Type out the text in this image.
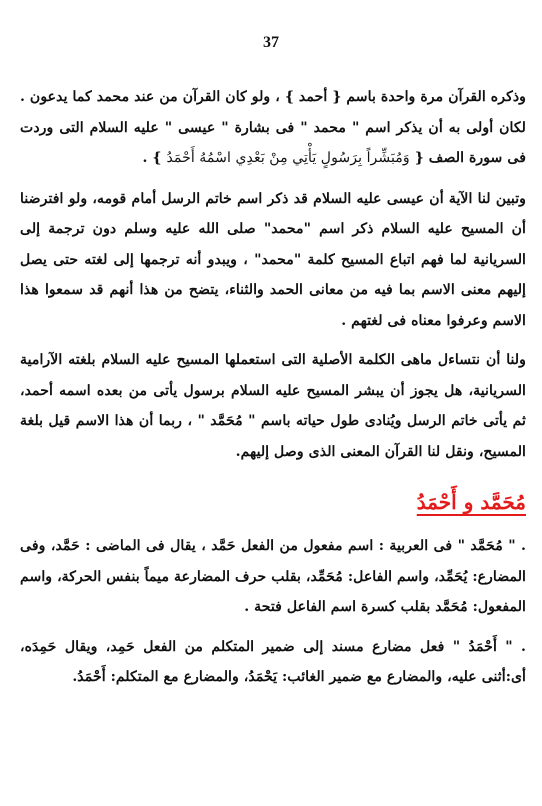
37

وذكره القرآن مرة واحدة باسم { أحمد } ، ولو كان القرآن من عند محمد كما يدعون . لكان أولى به أن يذكر اسم " محمد " فى بشارة " عيسى " عليه السلام التى وردت فى سورة الصف { وَمُبَشِّراً بِرَسُولٍ يَأْتِي مِنْ بَعْدِي اسْمُهُ أَحْمَدُ } .

وتبين لنا الآية أن عيسى عليه السلام قد ذكر اسم خاتم الرسل أمام قومه، ولو افترضنا أن المسيح عليه السلام ذكر اسم "محمد" صلى الله عليه وسلم دون ترجمة إلى السريانية لما فهم اتباع المسيح كلمة "محمد" ، ويبدو أنه ترجمها إلى لغته حتى يصل إليهم معنى الاسم بما فيه من معانى الحمد والثناء، يتضح من هذا أنهم قد سمعوا هذا الاسم وعرفوا معناه فى لغتهم .

ولنا أن نتساءل ماهى الكلمة الأصلية التى استعملها المسيح عليه السلام بلغته الآرامية السريانية، هل يجوز أن يبشر المسيح عليه السلام برسول يأتى من بعده اسمه أحمد، ثم يأتى خاتم الرسل ويُنادى طول حياته باسم " مُحَمَّد " ، ربما أن هذا الاسم قيل بلغة المسيح، ونقل لنا القرآن المعنى الذى وصل إليهم.

مُحَمَّد و أَحْمَدُ

. " مُحَمَّد " فى العربية : اسم مفعول من الفعل حَمَّد ، يقال فى الماضى : حَمَّد، وفى المضارع: يُحَمِّد، واسم الفاعل: مُحَمِّد، بقلب حرف المضارعة ميماً بنفس الحركة، واسم المفعول: مُحَمَّد بقلب كسرة اسم الفاعل فتحة .

. " أَحْمَدُ " فعل مضارع مسند إلى ضمير المتكلم من الفعل حَمِد، ويقال حَمِدَه، أى:أثنى عليه، والمضارع مع ضمير الغائب: يَحْمَدُ، والمضارع مع المتكلم: أَحْمَدُ.
